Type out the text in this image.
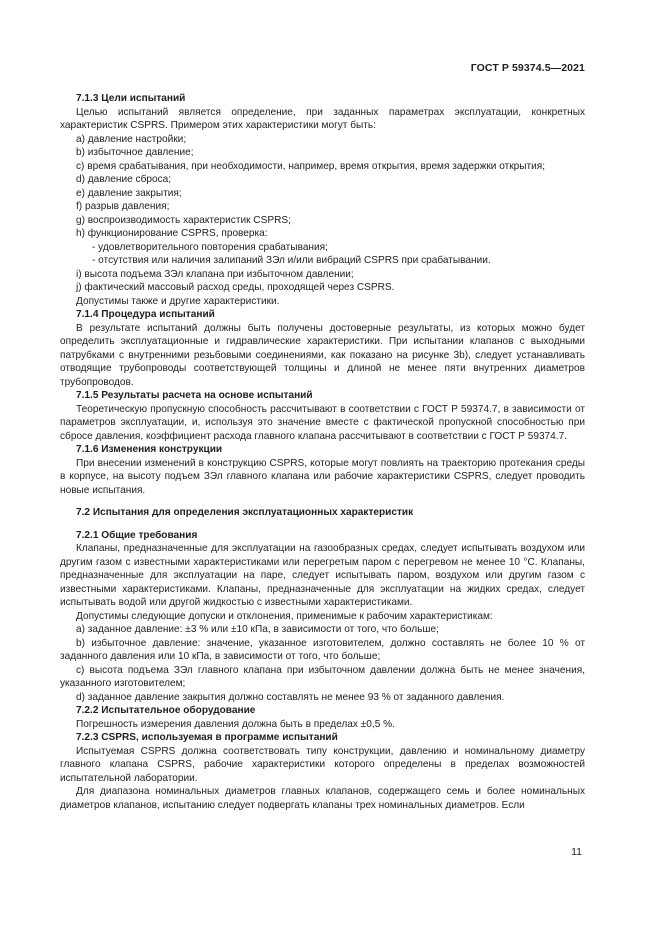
ГОСТ Р 59374.5—2021

7.1.3 Цели испытаний

Целью испытаний является определение, при заданных параметрах эксплуатации, конкретных характеристик CSPRS. Примером этих характеристики могут быть:

a) давление настройки;

b) избыточное давление;

c) время срабатывания, при необходимости, например, время открытия, время задержки открытия;

d) давление сброса;

e) давление закрытия;

f) разрыв давления;

g) воспроизводимость характеристик CSPRS;

h) функционирование CSPRS, проверка:

- удовлетворительного повторения срабатывания;

- отсутствия или наличия залипаний ЗЭл и/или вибраций CSPRS при срабатывании.

i) высота подъема ЗЭл клапана при избыточном давлении;

j) фактический массовый расход среды, проходящей через CSPRS.

Допустимы также и другие характеристики.

7.1.4 Процедура испытаний

В результате испытаний должны быть получены достоверные результаты, из которых можно будет определить эксплуатационные и гидравлические характеристики. При испытании клапанов с выходными патрубками с внутренними резьбовыми соединениями, как показано на рисунке 3b), следует устанавливать отводящие трубопроводы соответствующей толщины и длиной не менее пяти внутренних диаметров трубопроводов.

7.1.5 Результаты расчета на основе испытаний

Теоретическую пропускную способность рассчитывают в соответствии с ГОСТ Р 59374.7, в зависимости от параметров эксплуатации, и, используя это значение вместе с фактической пропускной способностью при сбросе давления, коэффициент расхода главного клапана рассчитывают в соответствии с ГОСТ Р 59374.7.

7.1.6 Изменения конструкции

При внесении изменений в конструкцию CSPRS, которые могут повлиять на траекторию протекания среды в корпусе, на высоту подъем ЗЭл главного клапана или рабочие характеристики CSPRS, следует проводить новые испытания.

7.2 Испытания для определения эксплуатационных характеристик

7.2.1 Общие требования

Клапаны, предназначенные для эксплуатации на газообразных средах, следует испытывать воздухом или другим газом с известными характеристиками или перегретым паром с перегревом не менее 10 °С. Клапаны, предназначенные для эксплуатации на паре, следует испытывать паром, воздухом или другим газом с известными характеристиками. Клапаны, предназначенные для эксплуатации на жидких средах, следует испытывать водой или другой жидкостью с известными характеристиками.

Допустимы следующие допуски и отклонения, применимые к рабочим характеристикам:

a) заданное давление: ±3 % или ±10 кПа, в зависимости от того, что больше;

b) избыточное давление: значение, указанное изготовителем, должно составлять не более 10 % от заданного давления или 10 кПа, в зависимости от того, что больше;

c) высота подъема ЗЭл главного клапана при избыточном давлении должна быть не менее значения, указанного изготовителем;

d) заданное давление закрытия должно составлять не менее 93 % от заданного давления.

7.2.2 Испытательное оборудование

Погрешность измерения давления должна быть в пределах ±0,5 %.

7.2.3 CSPRS, используемая в программе испытаний

Испытуемая CSPRS должна соответствовать типу конструкции, давлению и номинальному диаметру главного клапана CSPRS, рабочие характеристики которого определены в пределах возможностей испытательной лаборатории.

Для диапазона номинальных диаметров главных клапанов, содержащего семь и более номинальных диаметров клапанов, испытанию следует подвергать клапаны трех номинальных диаметров. Если

11
